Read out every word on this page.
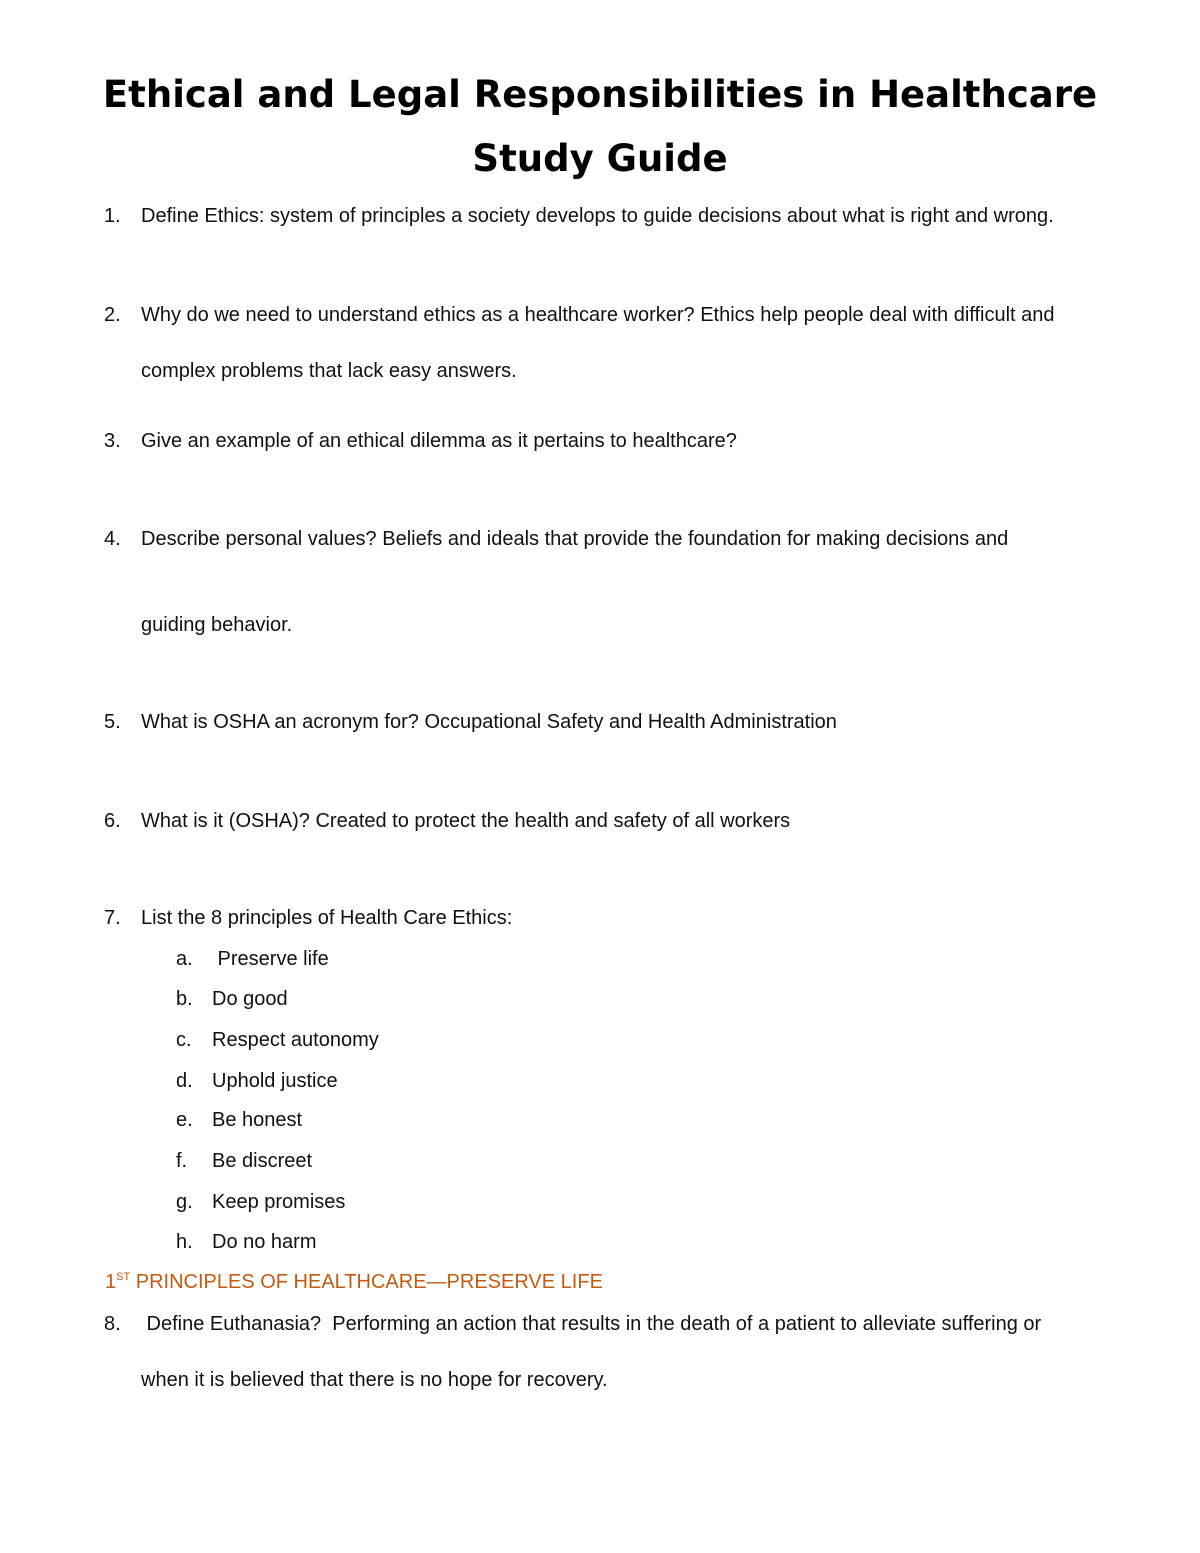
Ethical and Legal Responsibilities in Healthcare
Study Guide
1. Define Ethics: system of principles a society develops to guide decisions about what is right and wrong.
2. Why do we need to understand ethics as a healthcare worker? Ethics help people deal with difficult and
complex problems that lack easy answers.
3. Give an example of an ethical dilemma as it pertains to healthcare?
4. Describe personal values? Beliefs and ideals that provide the foundation for making decisions and
guiding behavior.
5. What is OSHA an acronym for? Occupational Safety and Health Administration
6. What is it (OSHA)? Created to protect the health and safety of all workers
7. List the 8 principles of Health Care Ethics:
a. Preserve life
b. Do good
c. Respect autonomy
d. Uphold justice
e. Be honest
f. Be discreet
g. Keep promises
h. Do no harm
1ST PRINCIPLES OF HEALTHCARE—PRESERVE LIFE
8. Define Euthanasia?  Performing an action that results in the death of a patient to alleviate suffering or
when it is believed that there is no hope for recovery.
